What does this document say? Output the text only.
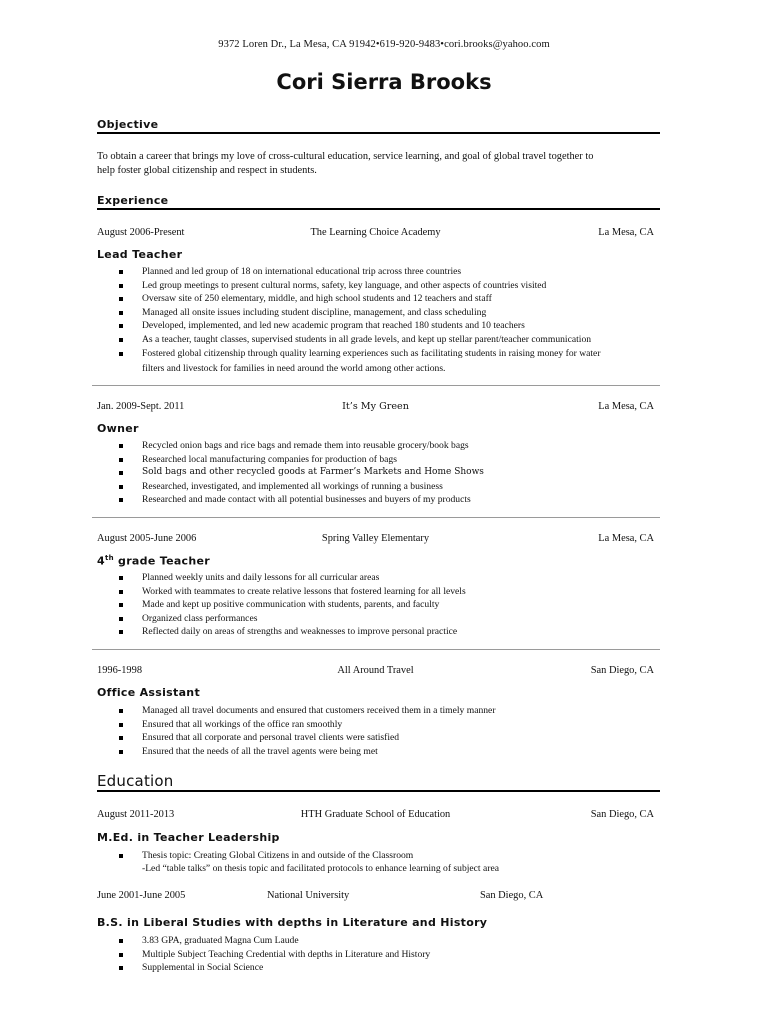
9372 Loren Dr., La Mesa, CA 91942•619-920-9483•cori.brooks@yahoo.com
Cori Sierra Brooks
Objective
To obtain a career that brings my love of cross-cultural education, service learning, and goal of global travel together to
help foster global citizenship and respect in students.
Experience
August 2006-Present	The Learning Choice Academy	La Mesa, CA
Lead Teacher
Planned and led group of 18 on international educational trip across three countries
Led group meetings to present cultural norms, safety, key language, and other aspects of countries visited
Oversaw site of 250 elementary, middle, and high school students and 12 teachers and staff
Managed all onsite issues including student discipline, management, and class scheduling
Developed, implemented, and led new academic program that reached 180 students and 10 teachers
As a teacher, taught classes, supervised students in all grade levels, and kept up stellar parent/teacher communication
Fostered global citizenship through quality learning experiences such as facilitating students in raising money for water
filters and livestock for families in need around the world among other actions.
Jan. 2009-Sept. 2011	It’s My Green	La Mesa, CA
Owner
Recycled onion bags and rice bags and remade them into reusable grocery/book bags
Researched local manufacturing companies for production of bags
Sold bags and other recycled goods at Farmer’s Markets and Home Shows
Researched, investigated, and implemented all workings of running a business
Researched and made contact with all potential businesses and buyers of my products
August 2005-June 2006	Spring Valley Elementary	La Mesa, CA
4th grade Teacher
Planned weekly units and daily lessons for all curricular areas
Worked with teammates to create relative lessons that fostered learning for all levels
Made and kept up positive communication with students, parents, and faculty
Organized class performances
Reflected daily on areas of strengths and weaknesses to improve personal practice
1996-1998	All Around Travel	San Diego, CA
Office Assistant
Managed all travel documents and ensured that customers received them in a timely manner
Ensured that all workings of the office ran smoothly
Ensured that all corporate and personal travel clients were satisfied
Ensured that the needs of all the travel agents were being met
Education
August 2011-2013	HTH Graduate School of Education	San Diego, CA
M.Ed. in Teacher Leadership
Thesis topic: Creating Global Citizens in and outside of the Classroom
-Led “table talks” on thesis topic and facilitated protocols to enhance learning of subject area
June 2001-June 2005	National University	San Diego, CA
B.S. in Liberal Studies with depths in Literature and History
3.83 GPA, graduated Magna Cum Laude
Multiple Subject Teaching Credential with depths in Literature and History
Supplemental in Social Science
